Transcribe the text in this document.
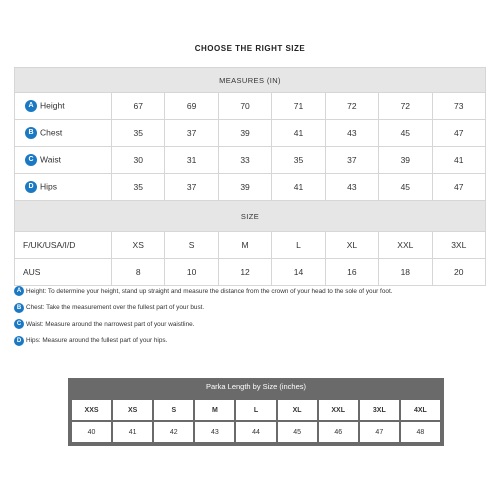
CHOOSE THE RIGHT SIZE
MEASURES (IN)							
A Height	67	69	70	71	72	72	73
B Chest	35	37	39	41	43	45	47
C Waist	30	31	33	35	37	39	41
D Hips	35	37	39	41	43	45	47
SIZE							
F/UK/USA/I/D	XS	S	M	L	XL	XXL	3XL
AUS	8	10	12	14	16	18	20
A Height: To determine your height, stand up straight and measure the distance from the crown of your head to the sole of your foot.
B Chest: Take the measurement over the fullest part of your bust.
C Waist: Measure around the narrowest part of your waistline.
D Hips: Measure around the fullest part of your hips.
Parka Length by Size (inches)
XXS	XS	S	M	L	XL	XXL	3XL	4XL
40	41	42	43	44	45	46	47	48
